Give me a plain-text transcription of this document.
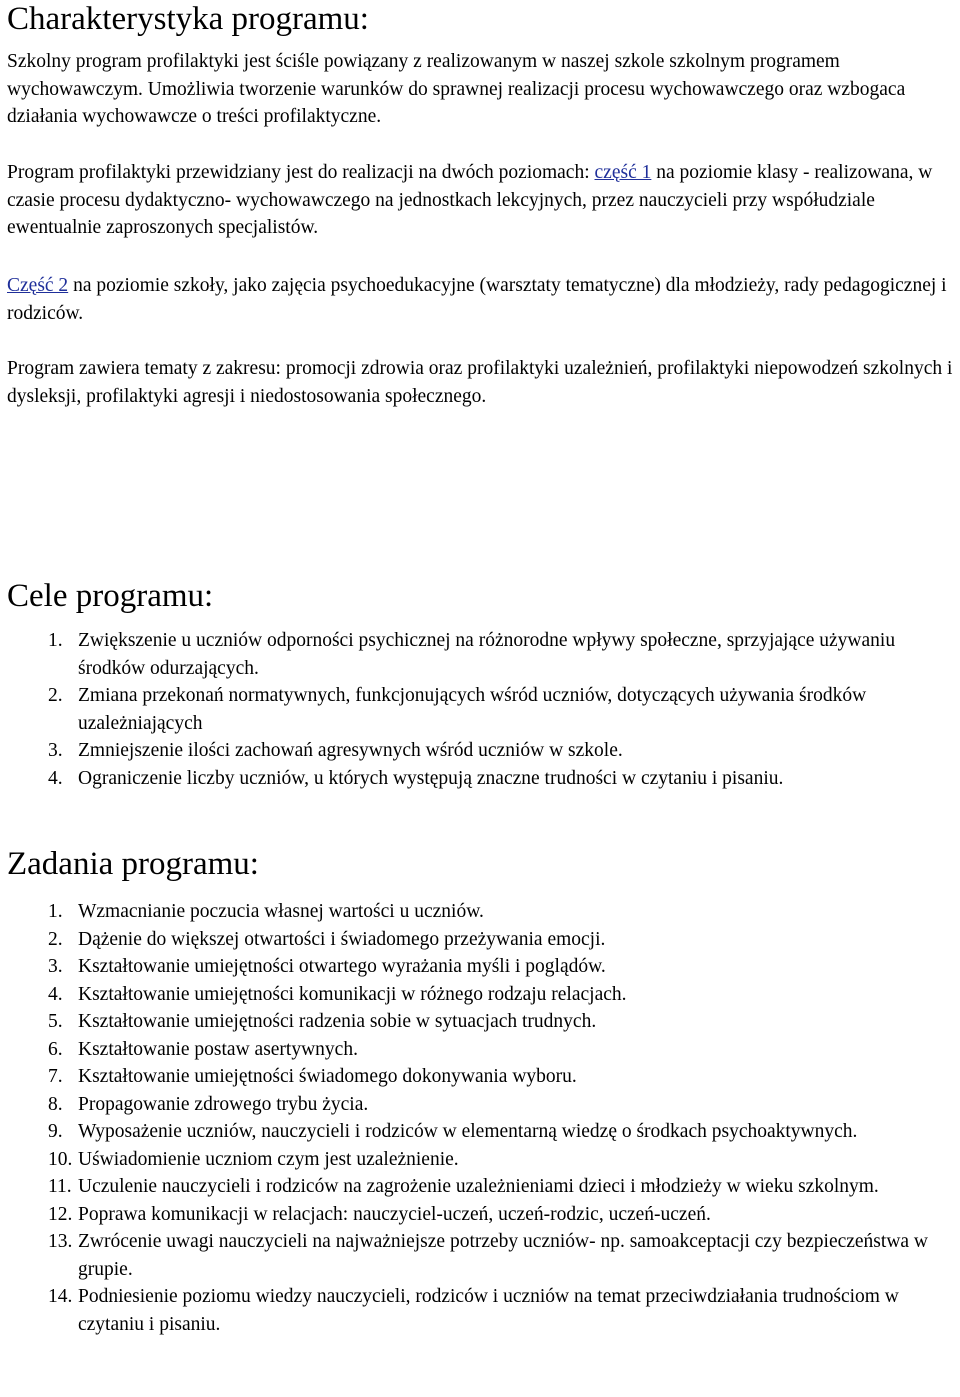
Charakterystyka programu:

Szkolny program profilaktyki jest ściśle powiązany z realizowanym w naszej szkole szkolnym programem wychowawczym. Umożliwia tworzenie warunków do sprawnej realizacji procesu wychowawczego oraz wzbogaca działania wychowawcze o treści profilaktyczne.

Program profilaktyki przewidziany jest do realizacji na dwóch poziomach: część 1 na poziomie klasy - realizowana, w czasie procesu dydaktyczno- wychowawczego na jednostkach lekcyjnych, przez nauczycieli przy współudziale ewentualnie zaproszonych specjalistów.

Część 2 na poziomie szkoły, jako zajęcia psychoedukacyjne (warsztaty tematyczne) dla młodzieży, rady pedagogicznej i rodziców.

Program zawiera tematy z zakresu: promocji zdrowia oraz profilaktyki uzależnień, profilaktyki niepowodzeń szkolnych i dysleksji, profilaktyki agresji i niedostosowania społecznego.

Cele programu:
1. Zwiększenie u uczniów odporności psychicznej na różnorodne wpływy społeczne, sprzyjające używaniu środków odurzających.
2. Zmiana przekonań normatywnych, funkcjonujących wśród uczniów, dotyczących używania środków uzależniających
3. Zmniejszenie ilości zachowań agresywnych wśród uczniów w szkole.
4. Ograniczenie liczby uczniów, u których występują znaczne trudności w czytaniu i pisaniu.
Zadania programu:
1. Wzmacnianie poczucia własnej wartości u uczniów.
2. Dążenie do większej otwartości i świadomego przeżywania emocji.
3. Kształtowanie umiejętności otwartego wyrażania myśli i poglądów.
4. Kształtowanie umiejętności komunikacji w różnego rodzaju relacjach.
5. Kształtowanie umiejętności radzenia sobie w sytuacjach trudnych.
6. Kształtowanie postaw asertywnych.
7. Kształtowanie umiejętności świadomego dokonywania wyboru.
8. Propagowanie zdrowego trybu życia.
9. Wyposażenie uczniów, nauczycieli i rodziców w elementarną wiedzę o środkach psychoaktywnych.
10. Uświadomienie uczniom czym jest uzależnienie.
11. Uczulenie nauczycieli i rodziców na zagrożenie uzależnieniami dzieci i młodzieży w wieku szkolnym.
12. Poprawa komunikacji w relacjach: nauczyciel-uczeń, uczeń-rodzic, uczeń-uczeń.
13. Zwrócenie uwagi nauczycieli na najważniejsze potrzeby uczniów- np. samoakceptacji czy bezpieczeństwa w grupie.
14. Podniesienie poziomu wiedzy nauczycieli, rodziców i uczniów na temat przeciwdziałania trudnościom w czytaniu i pisaniu.
